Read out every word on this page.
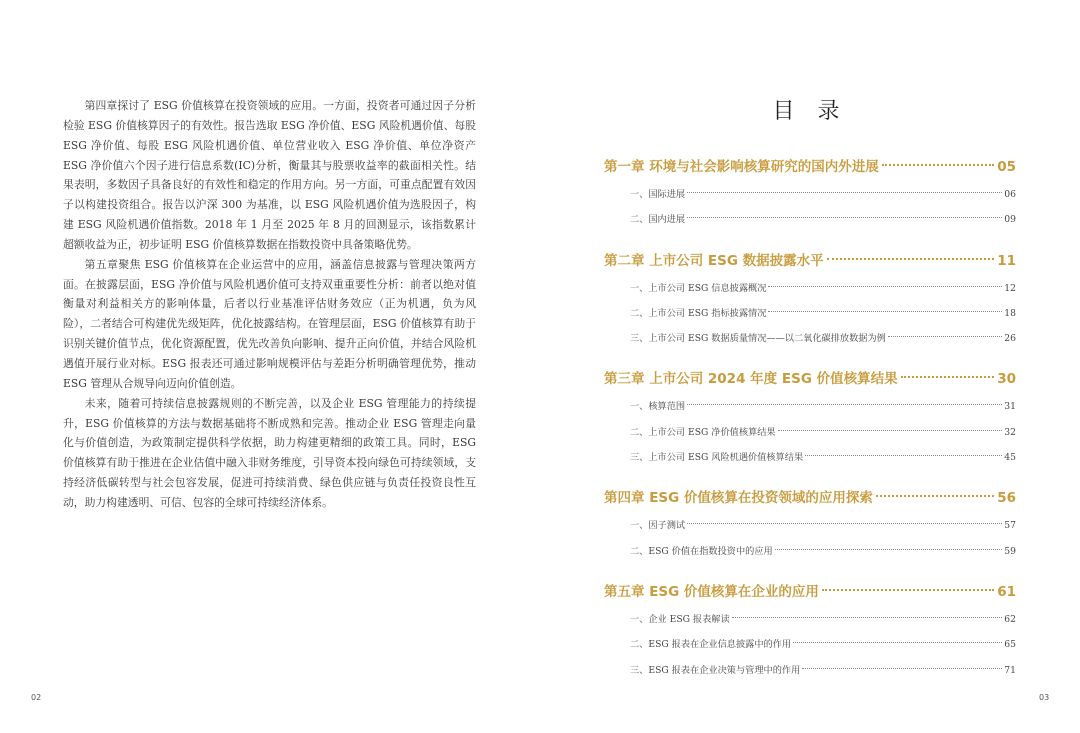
第四章探讨了 ESG 价值核算在投资领域的应用。一方面，投资者可通过因子分析检验 ESG 价值核算因子的有效性。报告选取 ESG 净价值、ESG 风险机遇价值、每股 ESG 净价值、每股 ESG 风险机遇价值、单位营业收入 ESG 净价值、单位净资产 ESG 净价值六个因子进行信息系数(IC)分析，衡量其与股票收益率的截面相关性。结果表明，多数因子具备良好的有效性和稳定的作用方向。另一方面，可重点配置有效因子以构建投资组合。报告以沪深 300 为基准，以 ESG 风险机遇价值为选股因子，构建 ESG 风险机遇价值指数。2018 年 1 月至 2025 年 8 月的回测显示，该指数累计超额收益为正，初步证明 ESG 价值核算数据在指数投资中具备策略优势。

第五章聚焦 ESG 价值核算在企业运营中的应用，涵盖信息披露与管理决策两方面。在披露层面，ESG 净价值与风险机遇价值可支持双重重要性分析：前者以绝对值衡量对利益相关方的影响体量，后者以行业基准评估财务效应（正为机遇，负为风险），二者结合可构建优先级矩阵，优化披露结构。在管理层面，ESG 价值核算有助于识别关键价值节点，优化资源配置，优先改善负向影响、提升正向价值，并结合风险机遇值开展行业对标。ESG 报表还可通过影响规模评估与差距分析明确管理优势，推动 ESG 管理从合规导向迈向价值创造。

未来，随着可持续信息披露规则的不断完善，以及企业 ESG 管理能力的持续提升，ESG 价值核算的方法与数据基础将不断成熟和完善。推动企业 ESG 管理走向量化与价值创造，为政策制定提供科学依据，助力构建更精细的政策工具。同时，ESG 价值核算有助于推进在企业估值中融入非财务维度，引导资本投向绿色可持续领域，支持经济低碳转型与社会包容发展，促进可持续消费、绿色供应链与负责任投资良性互动，助力构建透明、可信、包容的全球可持续经济体系。

02
目 录
第一章 环境与社会影响核算研究的国内外进展	05
一、国际进展	06
二、国内进展	09
第二章 上市公司 ESG 数据披露水平	11
一、上市公司 ESG 信息披露概况	12
二、上市公司 ESG 指标披露情况	18
三、上市公司 ESG 数据质量情况——以二氧化碳排放数据为例	26
第三章 上市公司 2024 年度 ESG 价值核算结果	30
一、核算范围	31
二、上市公司 ESG 净价值核算结果	32
三、上市公司 ESG 风险机遇价值核算结果	45
第四章 ESG 价值核算在投资领域的应用探索	56
一、因子测试	57
二、ESG 价值在指数投资中的应用	59
第五章 ESG 价值核算在企业的应用	61
一、企业 ESG 报表解读	62
二、ESG 报表在企业信息披露中的作用	65
三、ESG 报表在企业决策与管理中的作用	71
03
